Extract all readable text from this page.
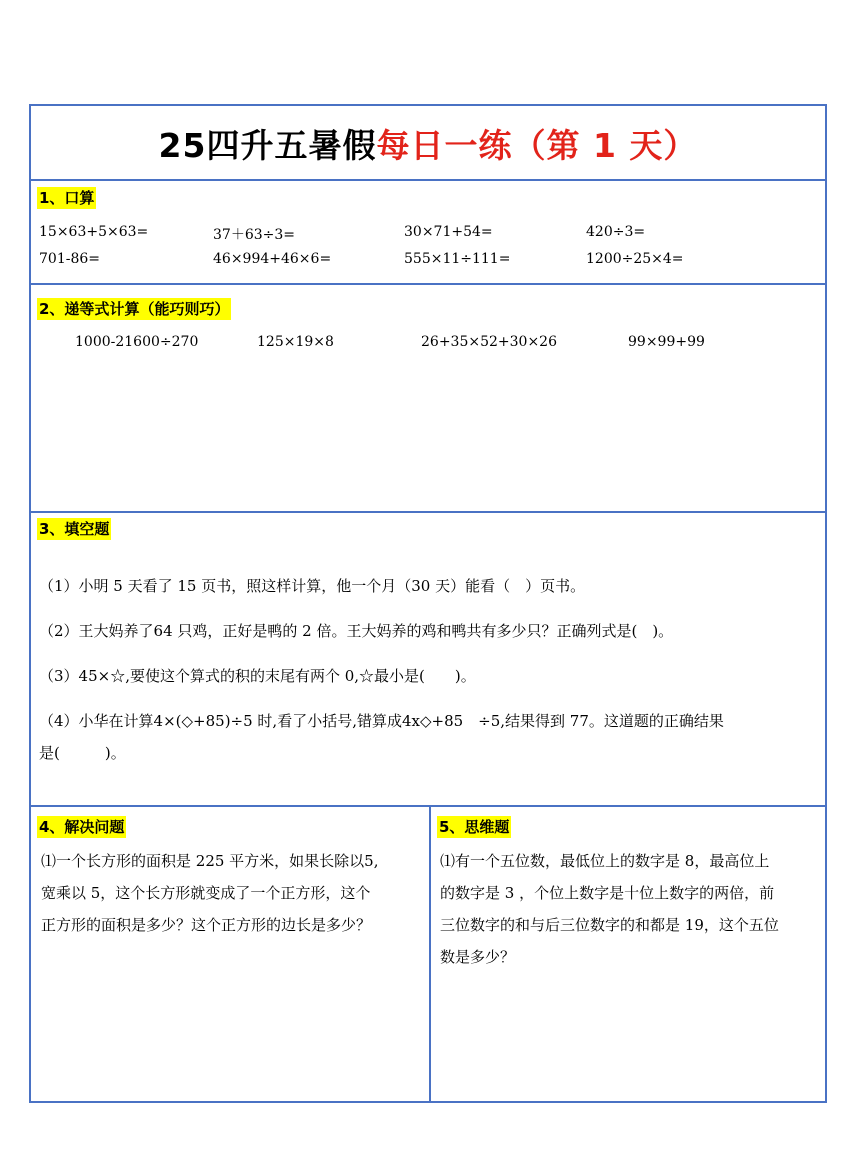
25四升五暑假每日一练（第 1 天）
1、口算
15×63+5×63=	37＋63÷3=	30×71+54=	420÷3=
701-86=	46×994+46×6=	555×11÷111=	1200÷25×4=
2、递等式计算（能巧则巧）
1000-21600÷270	125×19×8	26+35×52+30×26	99×99+99
3、填空题
（1）小明 5 天看了 15 页书，照这样计算，他一个月（30 天）能看（　）页书。
（2）王大妈养了64 只鸡，正好是鸭的 2 倍。王大妈养的鸡和鸭共有多少只？正确列式是(　)。
（3）45×☆,要使这个算式的积的末尾有两个 0,☆最小是(　　)。
（4）小华在计算4×(◇+85)÷5 时,看了小括号,错算成4x◇+85　÷5,结果得到 77。这道题的正确结果
是(　　　)。
4、解决问题
⑴一个长方形的面积是 225 平方米，如果长除以5,
宽乘以 5，这个长方形就变成了一个正方形，这个
正方形的面积是多少？这个正方形的边长是多少？
5、思维题
⑴有一个五位数，最低位上的数字是 8，最高位上
的数字是 3 ，个位上数字是十位上数字的两倍，前
三位数字的和与后三位数字的和都是 19，这个五位
数是多少？
